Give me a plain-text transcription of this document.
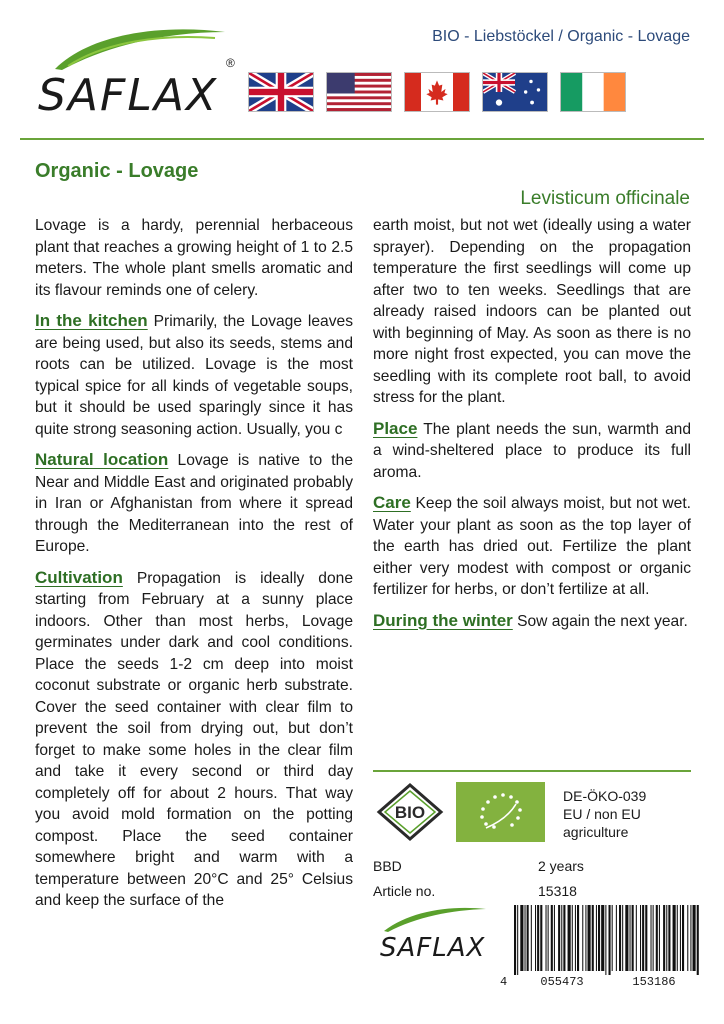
SAFLAX
®
BIO - Liebstöckel / Organic - Lovage
Organic - Lovage
Levisticum officinale

Lovage is a hardy, perennial herbaceous plant that reaches a growing height of 1 to 2.5 meters. The whole plant smells aromatic and its flavour reminds one of celery.

In the kitchen Primarily, the Lovage leaves are being used, but also its seeds, stems and roots can be utilized. Lovage is the most typical spice for all kinds of vegetable soups, but it should be used sparingly since it has quite strong seasoning action. Usually, you c

Natural location Lovage is native to the Near and Middle East and originated probably in Iran or Afghanistan from where it spread through the Mediterranean into the rest of Europe.

Cultivation Propagation is ideally done starting from February at a sunny place indoors. Other than most herbs, Lovage germinates under dark and cool conditions. Place the seeds 1-2 cm deep into moist coconut substrate or organic herb substrate. Cover the seed container with clear film to prevent the soil from drying out, but don’t forget to make some holes in the clear film and take it every second or third day completely off for about 2 hours. That way you avoid mold formation on the potting compost. Place the seed container somewhere bright and warm with a temperature between 20°C and 25° Celsius and keep the surface of the

earth moist, but not wet (ideally using a water sprayer). Depending on the propagation temperature the first seedlings will come up after two to ten weeks. Seedlings that are already raised indoors can be planted out with beginning of May. As soon as there is no more night frost expected, you can move the seedling with its complete root ball, to avoid stress for the plant.

Place The plant needs the sun, warmth and a wind-sheltered place to produce its full aroma.

Care Keep the soil always moist, but not wet. Water your plant as soon as the top layer of the earth has dried out. Fertilize the plant either very modest with compost or organic fertilizer for herbs, or don’t fertilize at all.

During the winter Sow again the next year.

BIO
DE-ÖKO-039
EU / non EU
agriculture
BBD	2 years
Article no.	15318
SAFLAX
4	055473	153186
